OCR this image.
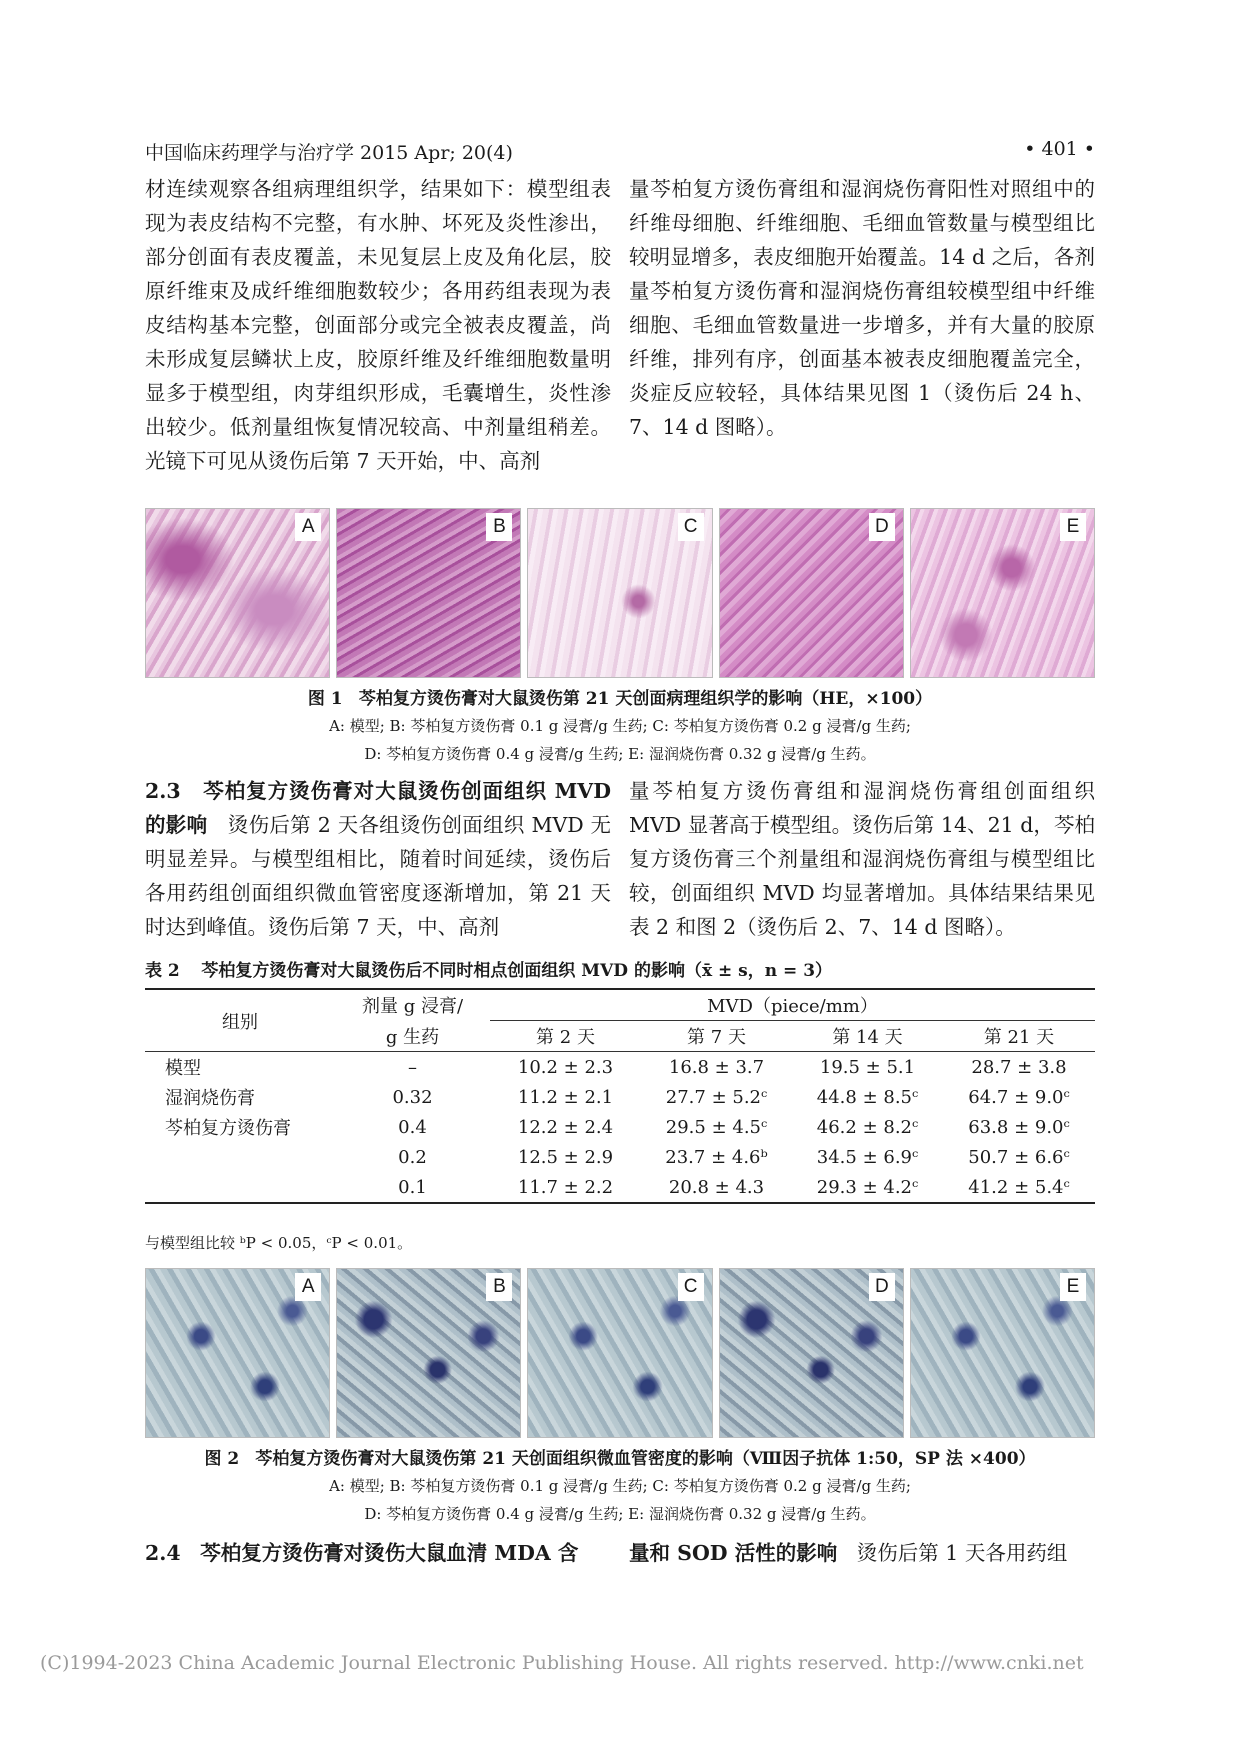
中国临床药理学与治疗学 2015 Apr; 20(4)	• 401 •

材连续观察各组病理组织学，结果如下：模型组表现为表皮结构不完整，有水肿、坏死及炎性渗出，部分创面有表皮覆盖，未见复层上皮及角化层，胶原纤维束及成纤维细胞数较少；各用药组表现为表皮结构基本完整，创面部分或完全被表皮覆盖，尚未形成复层鳞状上皮，胶原纤维及纤维细胞数量明显多于模型组，肉芽组织形成，毛囊增生，炎性渗出较少。低剂量组恢复情况较高、中剂量组稍差。光镜下可见从烫伤后第 7 天开始，中、高剂

量芩柏复方烫伤膏组和湿润烧伤膏阳性对照组中的纤维母细胞、纤维细胞、毛细血管数量与模型组比较明显增多，表皮细胞开始覆盖。14 d 之后，各剂量芩柏复方烫伤膏和湿润烧伤膏组较模型组中纤维细胞、毛细血管数量进一步增多，并有大量的胶原纤维，排列有序，创面基本被表皮细胞覆盖完全，炎症反应较轻，具体结果见图 1（烫伤后 24 h、7、14 d 图略）。

A	B	C	D	E
图 1 芩柏复方烫伤膏对大鼠烫伤第 21 天创面病理组织学的影响（HE，×100）
A: 模型; B: 芩柏复方烫伤膏 0.1 g 浸膏/g 生药; C: 芩柏复方烫伤膏 0.2 g 浸膏/g 生药;
D: 芩柏复方烫伤膏 0.4 g 浸膏/g 生药; E: 湿润烧伤膏 0.32 g 浸膏/g 生药。

2.3 芩柏复方烫伤膏对大鼠烫伤创面组织 MVD 的影响 烫伤后第 2 天各组烫伤创面组织 MVD 无明显差异。与模型组相比，随着时间延续，烫伤后各用药组创面组织微血管密度逐渐增加，第 21 天时达到峰值。烫伤后第 7 天，中、高剂

量芩柏复方烫伤膏组和湿润烧伤膏组创面组织 MVD 显著高于模型组。烫伤后第 14、21 d，芩柏复方烫伤膏三个剂量组和湿润烧伤膏组与模型组比较，创面组织 MVD 均显著增加。具体结果结果见表 2 和图 2（烫伤后 2、7、14 d 图略）。

表 2 芩柏复方烫伤膏对大鼠烫伤后不同时相点创面组织 MVD 的影响（x̄ ± s，n = 3）
组别	剂量 g 浸膏/	MVD（piece/mm）			
	g 生药	第 2 天	第 7 天	第 14 天	第 21 天
模型	–	10.2 ± 2.3	16.8 ± 3.7	19.5 ± 5.1	28.7 ± 3.8
湿润烧伤膏	0.32	11.2 ± 2.1	27.7 ± 5.2ᶜ	44.8 ± 8.5ᶜ	64.7 ± 9.0ᶜ
芩柏复方烫伤膏	0.4	12.2 ± 2.4	29.5 ± 4.5ᶜ	46.2 ± 8.2ᶜ	63.8 ± 9.0ᶜ
	0.2	12.5 ± 2.9	23.7 ± 4.6ᵇ	34.5 ± 6.9ᶜ	50.7 ± 6.6ᶜ
	0.1	11.7 ± 2.2	20.8 ± 4.3	29.3 ± 4.2ᶜ	41.2 ± 5.4ᶜ
与模型组比较 ᵇP < 0.05，ᶜP < 0.01。
A	B	C	D	E
图 2 芩柏复方烫伤膏对大鼠烫伤第 21 天创面组织微血管密度的影响（Ⅷ因子抗体 1:50，SP 法 ×400）
A: 模型; B: 芩柏复方烫伤膏 0.1 g 浸膏/g 生药; C: 芩柏复方烫伤膏 0.2 g 浸膏/g 生药;
D: 芩柏复方烫伤膏 0.4 g 浸膏/g 生药; E: 湿润烧伤膏 0.32 g 浸膏/g 生药。

2.4 芩柏复方烫伤膏对烫伤大鼠血清 MDA 含	量和 SOD 活性的影响 烫伤后第 1 天各用药组

(C)1994-2023 China Academic Journal Electronic Publishing House. All rights reserved. http://www.cnki.net
